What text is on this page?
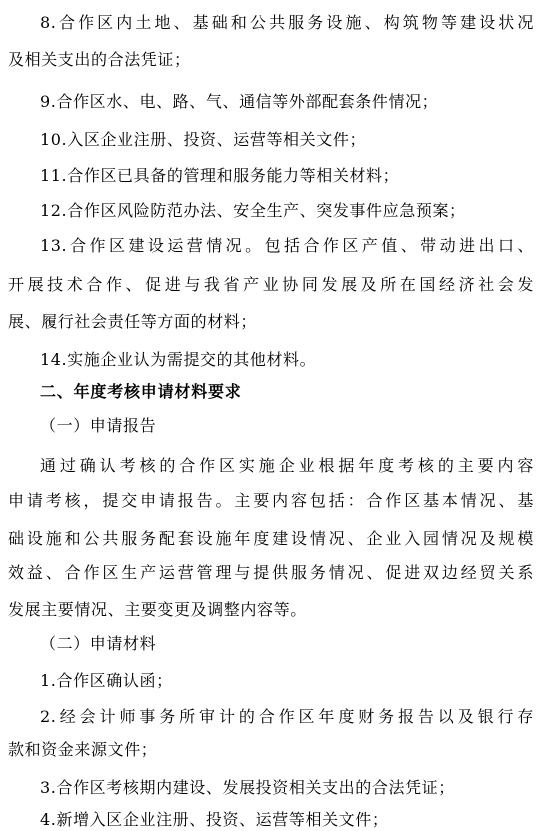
8.合作区内土地、基础和公共服务设施、构筑物等建设状况
及相关支出的合法凭证；
9.合作区水、电、路、气、通信等外部配套条件情况；
10.入区企业注册、投资、运营等相关文件；
11.合作区已具备的管理和服务能力等相关材料；
12.合作区风险防范办法、安全生产、突发事件应急预案；
13.合作区建设运营情况。包括合作区产值、带动进出口、
开展技术合作、促进与我省产业协同发展及所在国经济社会发
展、履行社会责任等方面的材料；
14.实施企业认为需提交的其他材料。
二、年度考核申请材料要求
（一）申请报告
通过确认考核的合作区实施企业根据年度考核的主要内容
申请考核，提交申请报告。主要内容包括：合作区基本情况、基
础设施和公共服务配套设施年度建设情况、企业入园情况及规模
效益、合作区生产运营管理与提供服务情况、促进双边经贸关系
发展主要情况、主要变更及调整内容等。
（二）申请材料
1.合作区确认函；
2.经会计师事务所审计的合作区年度财务报告以及银行存
款和资金来源文件；
3.合作区考核期内建设、发展投资相关支出的合法凭证；
4.新增入区企业注册、投资、运营等相关文件；
